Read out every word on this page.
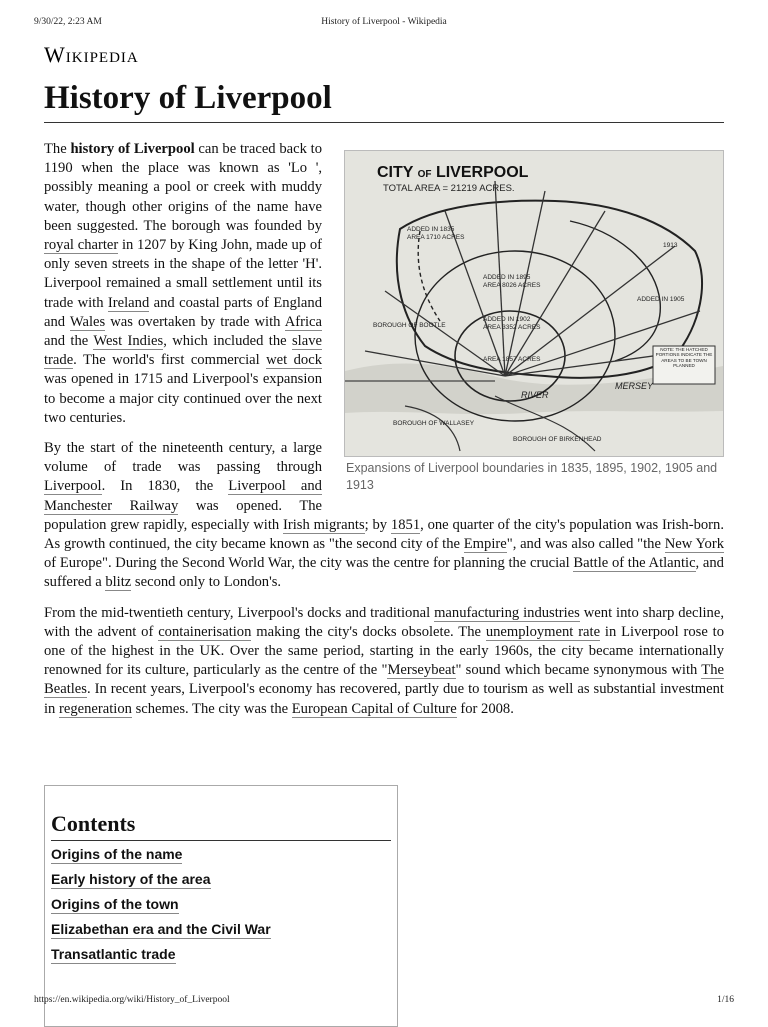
9/30/22, 2:23 AM	History of Liverpool - Wikipedia
Wikipedia
History of Liverpool
CITY OF LIVERPOOL
TOTAL AREA = 21219 ACRES.
ADDED IN 1835
AREA 1710 ACRES
ADDED IN 1895
AREA 8026 ACRES
ADDED IN 1902
AREA 3352 ACRES
AREA 1857 ACRES
ADDED IN 1905
1913
BOROUGH OF BOOTLE
BOROUGH OF WALLASEY
BOROUGH OF BIRKENHEAD
RIVER
MERSEY
NOTE: THE HATCHED PORTIONS INDICATE THE AREAS TO BE TOWN PLANNED
Expansions of Liverpool boundaries in 1835, 1895, 1902, 1905 and 1913

The history of Liverpool can be traced back to 1190 when the place was known as 'Lo ', possibly meaning a pool or creek with muddy water, though other origins of the name have been suggested. The borough was founded by royal charter in 1207 by King John, made up of only seven streets in the shape of the letter 'H'. Liverpool remained a small settlement until its trade with Ireland and coastal parts of England and Wales was overtaken by trade with Africa and the West Indies, which included the slave trade. The world's first commercial wet dock was opened in 1715 and Liverpool's expansion to become a major city continued over the next two centuries.

By the start of the nineteenth century, a large volume of trade was passing through Liverpool. In 1830, the Liverpool and Manchester Railway was opened. The population grew rapidly, especially with Irish migrants; by 1851, one quarter of the city's population was Irish-born. As growth continued, the city became known as "the second city of the Empire", and was also called "the New York of Europe". During the Second World War, the city was the centre for planning the crucial Battle of the Atlantic, and suffered a blitz second only to London's.

From the mid-twentieth century, Liverpool's docks and traditional manufacturing industries went into sharp decline, with the advent of containerisation making the city's docks obsolete. The unemployment rate in Liverpool rose to one of the highest in the UK. Over the same period, starting in the early 1960s, the city became internationally renowned for its culture, particularly as the centre of the "Merseybeat" sound which became synonymous with The Beatles. In recent years, Liverpool's economy has recovered, partly due to tourism as well as substantial investment in regeneration schemes. The city was the European Capital of Culture for 2008.

Contents
Origins of the name
Early history of the area
Origins of the town
Elizabethan era and the Civil War
Transatlantic trade
https://en.wikipedia.org/wiki/History_of_Liverpool	1/16
